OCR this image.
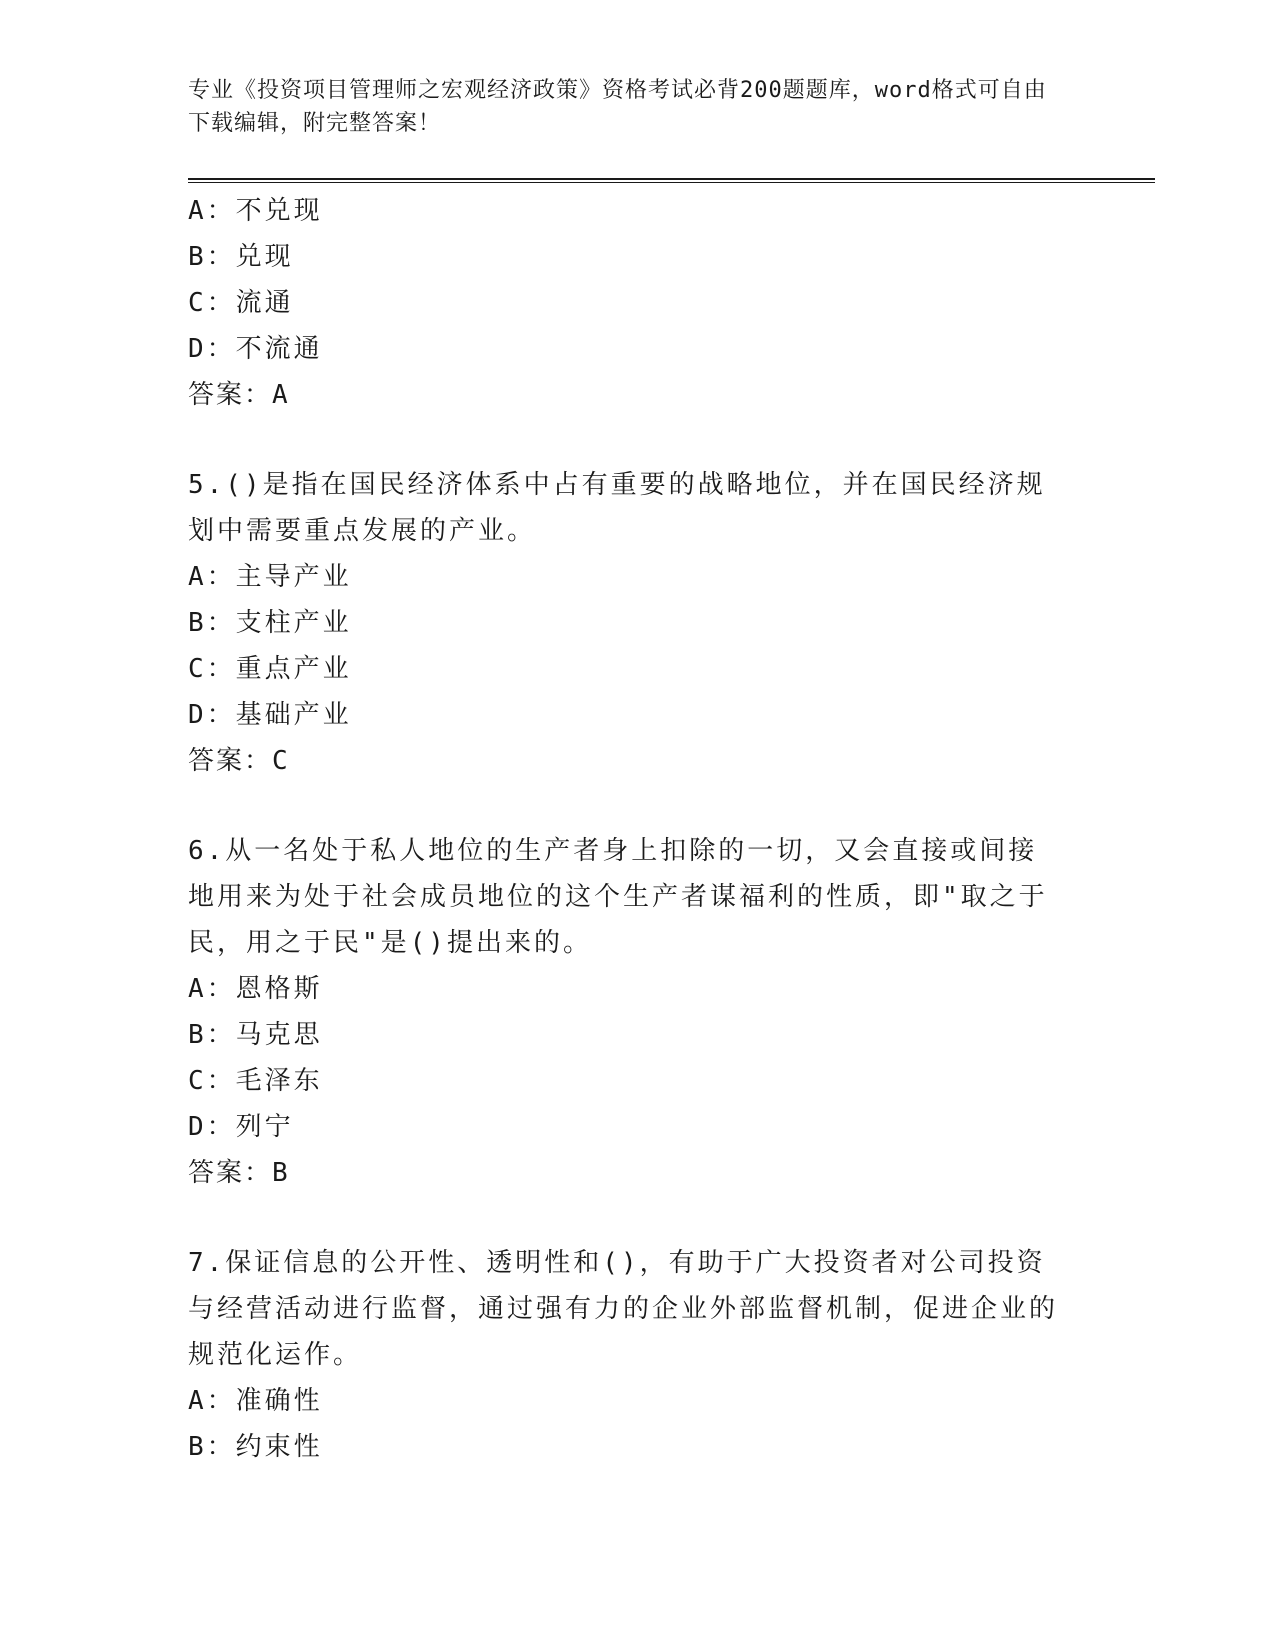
专业《投资项目管理师之宏观经济政策》资格考试必背200题题库，word格式可自由下载编辑，附完整答案！
A：不兑现
B：兑现
C：流通
D：不流通
答案：A
5.()是指在国民经济体系中占有重要的战略地位，并在国民经济规划中需要重点发展的产业。
A：主导产业
B：支柱产业
C：重点产业
D：基础产业
答案：C
6.从一名处于私人地位的生产者身上扣除的一切，又会直接或间接地用来为处于社会成员地位的这个生产者谋福利的性质，即"取之于民，用之于民"是()提出来的。
A：恩格斯
B：马克思
C：毛泽东
D：列宁
答案：B
7.保证信息的公开性、透明性和()，有助于广大投资者对公司投资与经营活动进行监督，通过强有力的企业外部监督机制，促进企业的规范化运作。
A：准确性
B：约束性
